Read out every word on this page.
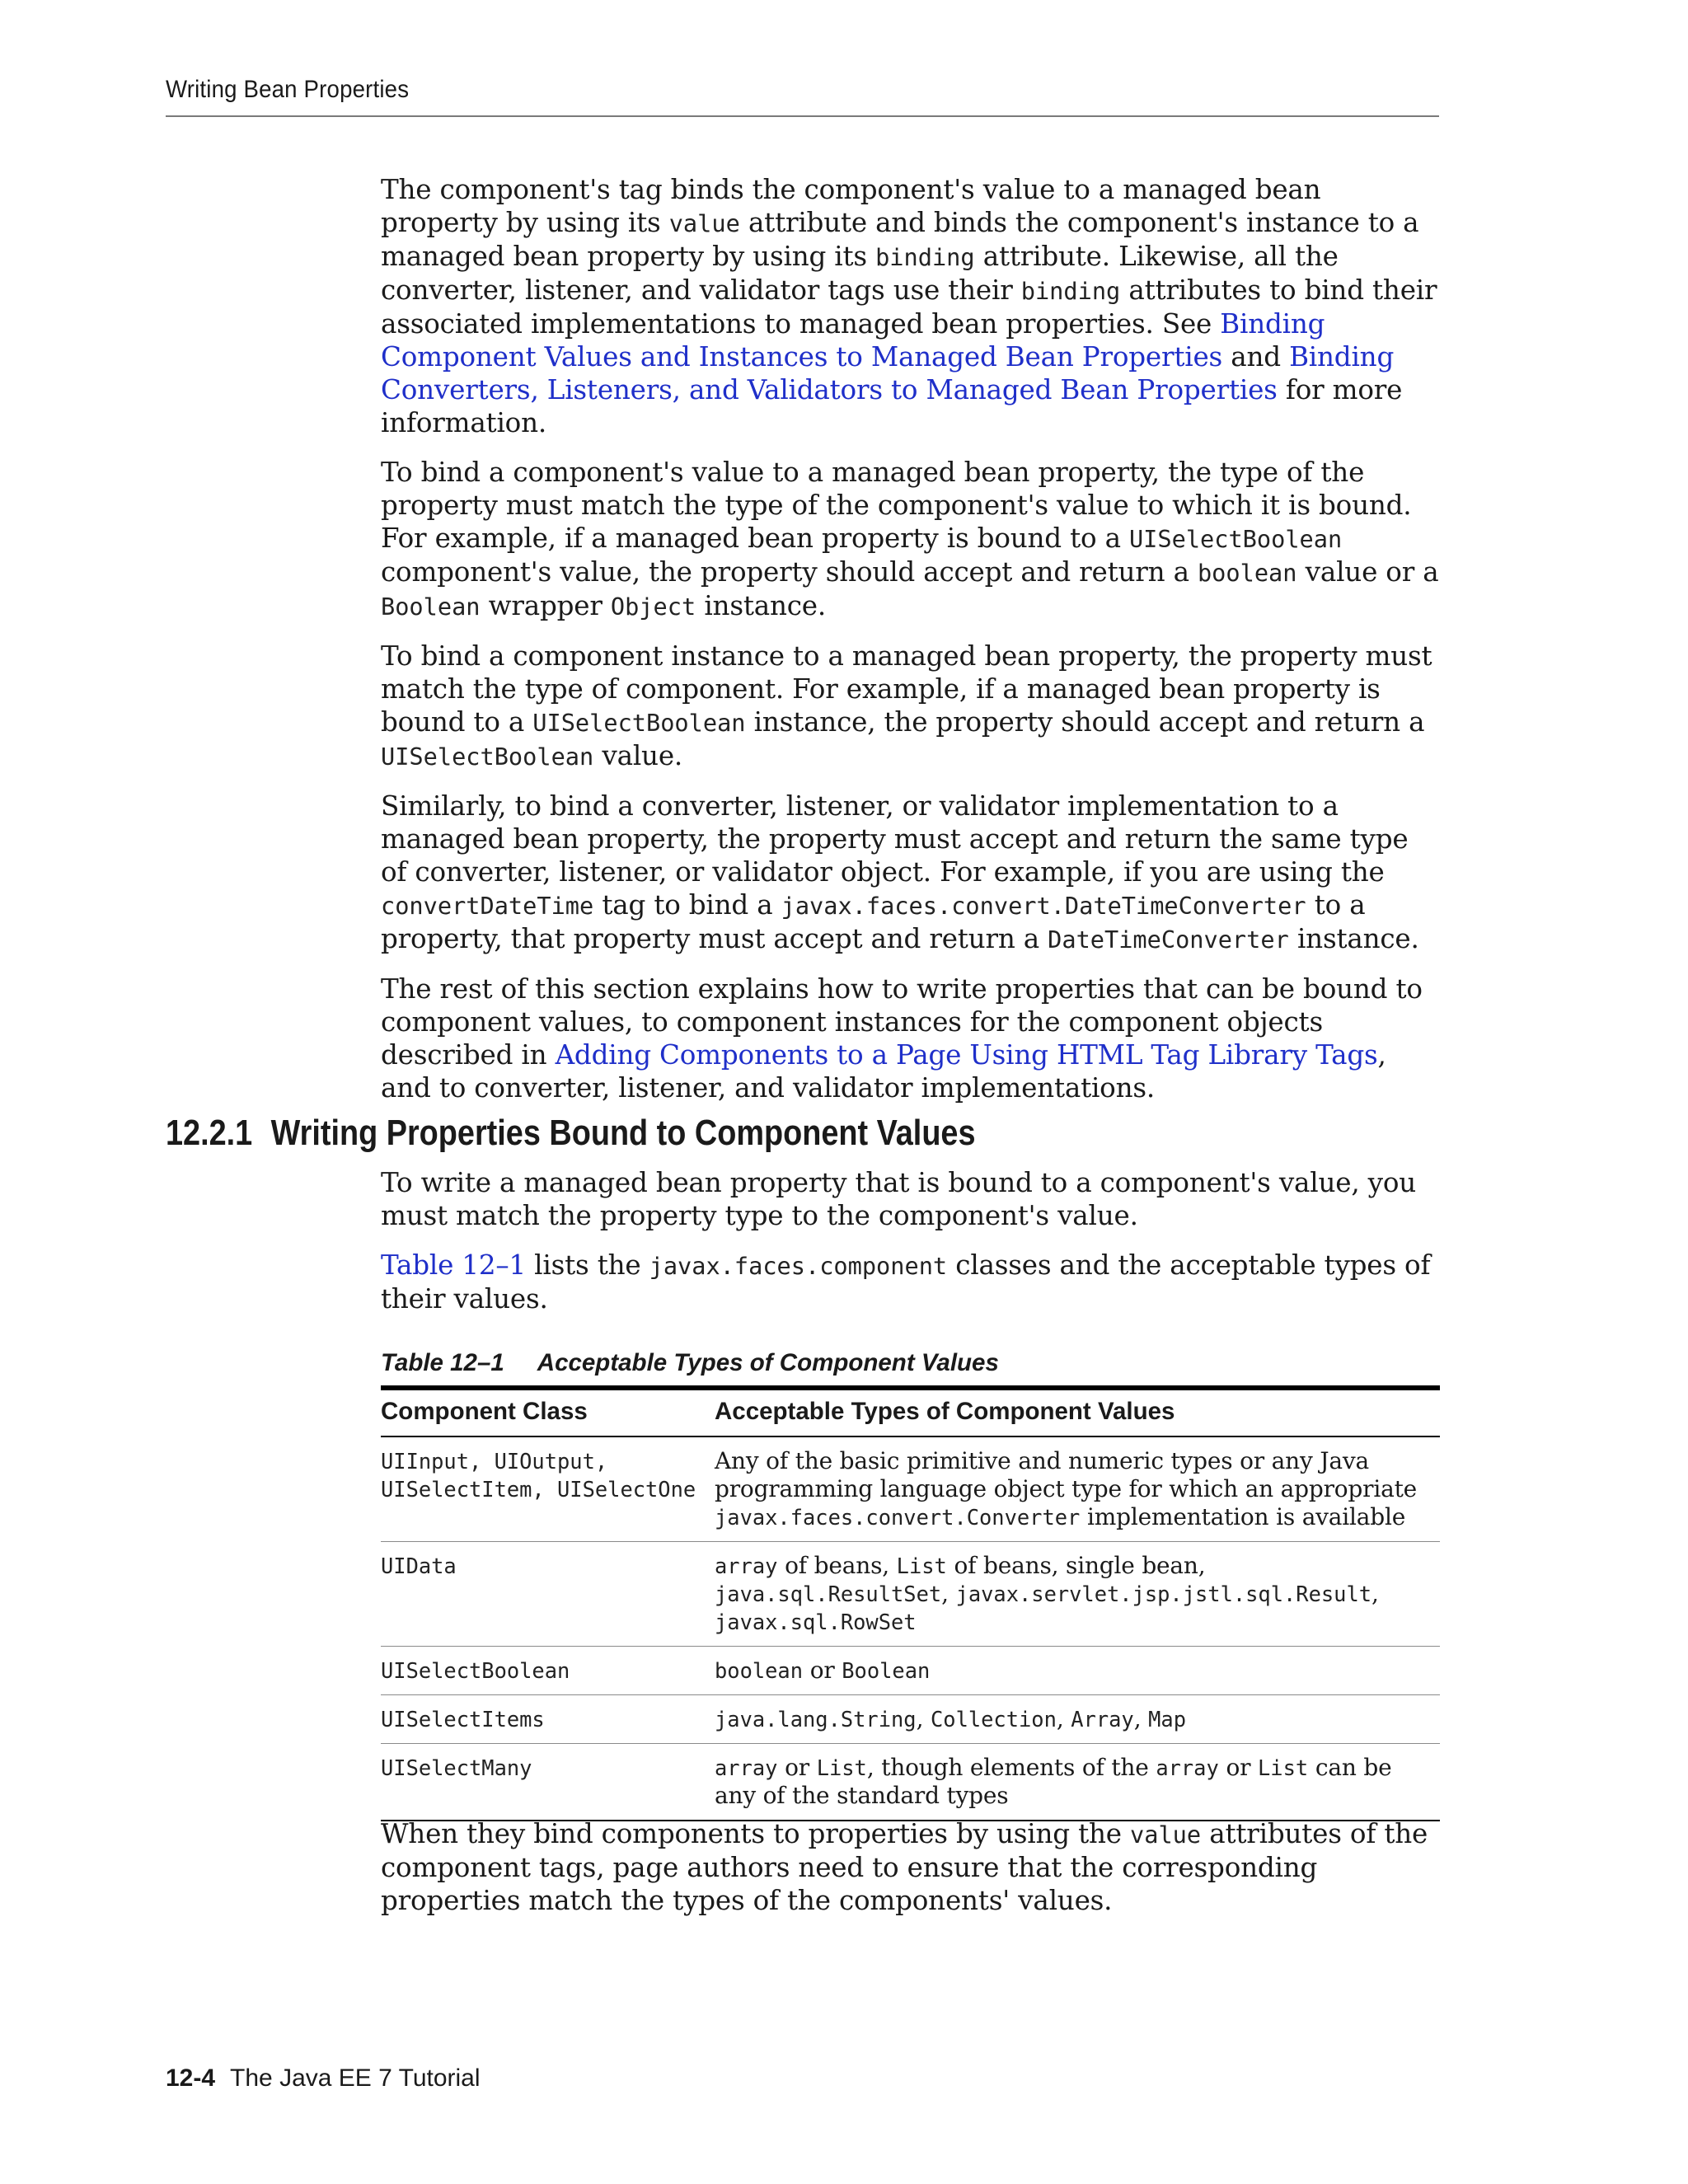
Writing Bean Properties

The component's tag binds the component's value to a managed bean property by using its value attribute and binds the component's instance to a managed bean property by using its binding attribute. Likewise, all the converter, listener, and validator tags use their binding attributes to bind their associated implementations to managed bean properties. See Binding Component Values and Instances to Managed Bean Properties and Binding Converters, Listeners, and Validators to Managed Bean Properties for more information.

To bind a component's value to a managed bean property, the type of the property must match the type of the component's value to which it is bound. For example, if a managed bean property is bound to a UISelectBoolean component's value, the property should accept and return a boolean value or a Boolean wrapper Object instance.

To bind a component instance to a managed bean property, the property must match the type of component. For example, if a managed bean property is bound to a UISelectBoolean instance, the property should accept and return a UISelectBoolean value.

Similarly, to bind a converter, listener, or validator implementation to a managed bean property, the property must accept and return the same type of converter, listener, or validator object. For example, if you are using the convertDateTime tag to bind a javax.faces.convert.DateTimeConverter to a property, that property must accept and return a DateTimeConverter instance.

The rest of this section explains how to write properties that can be bound to component values, to component instances for the component objects described in Adding Components to a Page Using HTML Tag Library Tags, and to converter, listener, and validator implementations.

12.2.1 Writing Properties Bound to Component Values

To write a managed bean property that is bound to a component's value, you must match the property type to the component's value.

Table 12–1 lists the javax.faces.component classes and the acceptable types of their values.

Table 12–1 Acceptable Types of Component Values

Component Class	Acceptable Types of Component Values

UIInput, UIOutput,
UISelectItem, UISelectOne	Any of the basic primitive and numeric types or any Java programming language object type for which an appropriate javax.faces.convert.Converter implementation is available
UIData	array of beans, List of beans, single bean, java.sql.ResultSet, javax.servlet.jsp.jstl.sql.Result, javax.sql.RowSet
UISelectBoolean	boolean or Boolean
UISelectItems	java.lang.String, Collection, Array, Map
UISelectMany	array or List, though elements of the array or List can be any of the standard types

When they bind components to properties by using the value attributes of the component tags, page authors need to ensure that the corresponding properties match the types of the components' values.

12-4 The Java EE 7 Tutorial
